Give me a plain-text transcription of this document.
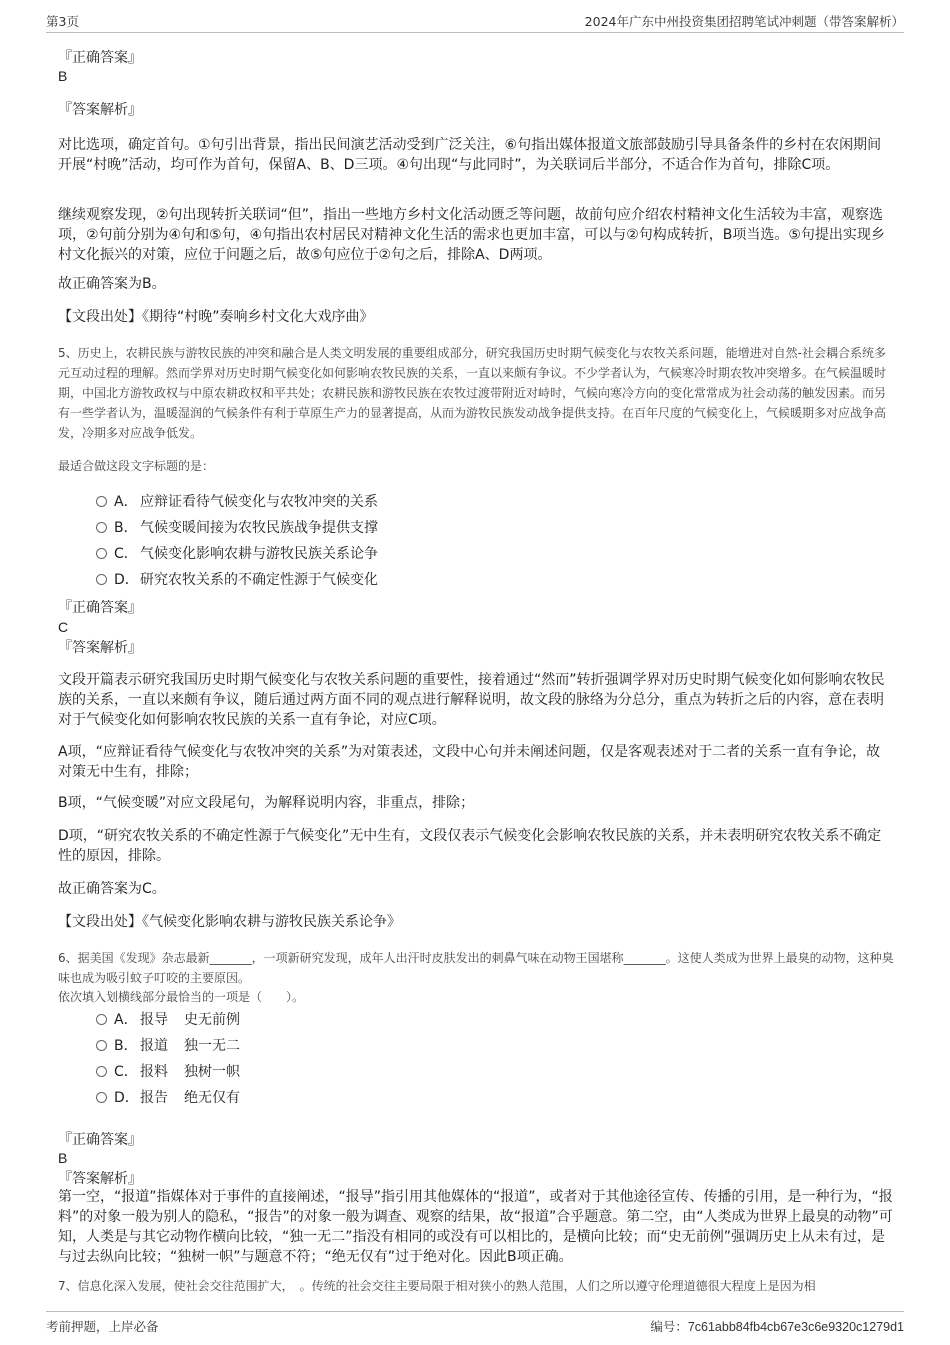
第3页	2024年广东中州投资集团招聘笔试冲刺题（带答案解析）
『正确答案』
B
『答案解析』
对比选项，确定首句。①句引出背景，指出民间演艺活动受到广泛关注，⑥句指出媒体报道文旅部鼓励引导具备条件的乡村在农闲期间开展“村晚”活动，均可作为首句，保留A、B、D三项。④句出现“与此同时”，为关联词后半部分，不适合作为首句，排除C项。
继续观察发现，②句出现转折关联词“但”，指出一些地方乡村文化活动匮乏等问题，故前句应介绍农村精神文化生活较为丰富，观察选项，②句前分别为④句和⑤句，④句指出农村居民对精神文化生活的需求也更加丰富，可以与②句构成转折，B项当选。⑤句提出实现乡村文化振兴的对策，应位于问题之后，故⑤句应位于②句之后，排除A、D两项。
故正确答案为B。
【文段出处】《期待“村晚”奏响乡村文化大戏序曲》
5、历史上，农耕民族与游牧民族的冲突和融合是人类文明发展的重要组成部分，研究我国历史时期气候变化与农牧关系问题，能增进对自然-社会耦合系统多元互动过程的理解。然而学界对历史时期气候变化如何影响农牧民族的关系，一直以来颇有争议。不少学者认为，气候寒冷时期农牧冲突增多。在气候温暖时期，中国北方游牧政权与中原农耕政权和平共处；农耕民族和游牧民族在农牧过渡带附近对峙时，气候向寒冷方向的变化常常成为社会动荡的触发因素。而另有一些学者认为，温暖湿润的气候条件有利于草原生产力的显著提高，从而为游牧民族发动战争提供支持。在百年尺度的气候变化上，气候暖期多对应战争高发，冷期多对应战争低发。
最适合做这段文字标题的是：
A． 应辩证看待气候变化与农牧冲突的关系
B． 气候变暖间接为农牧民族战争提供支撑
C． 气候变化影响农耕与游牧民族关系论争
D．研究农牧关系的不确定性源于气候变化
『正确答案』
C
『答案解析』
文段开篇表示研究我国历史时期气候变化与农牧关系问题的重要性，接着通过“然而”转折强调学界对历史时期气候变化如何影响农牧民族的关系，一直以来颇有争议，随后通过两方面不同的观点进行解释说明，故文段的脉络为分总分，重点为转折之后的内容，意在表明对于气候变化如何影响农牧民族的关系一直有争论，对应C项。
A项，“应辩证看待气候变化与农牧冲突的关系”为对策表述，文段中心句并未阐述问题，仅是客观表述对于二者的关系一直有争论，故对策无中生有，排除；
B项，“气候变暖”对应文段尾句，为解释说明内容，非重点，排除；
D项，“研究农牧关系的不确定性源于气候变化”无中生有，文段仅表示气候变化会影响农牧民族的关系，并未表明研究农牧关系不确定性的原因，排除。
故正确答案为C。
【文段出处】《气候变化影响农耕与游牧民族关系论争》
6、据美国《发现》杂志最新_______，一项新研究发现，成年人出汗时皮肤发出的刺鼻气味在动物王国堪称_______。这使人类成为世界上最臭的动物，这种臭味也成为吸引蚊子叮咬的主要原因。
依次填入划横线部分最恰当的一项是（　　）。
A． 报导 史无前例
B． 报道 独一无二
C． 报料 独树一帜
D．报告 绝无仅有
『正确答案』
B
『答案解析』
第一空，“报道”指媒体对于事件的直接阐述，“报导”指引用其他媒体的“报道”，或者对于其他途径宣传、传播的引用，是一种行为，“报料”的对象一般为别人的隐私，“报告”的对象一般为调查、观察的结果，故“报道”合乎题意。第二空，由“人类成为世界上最臭的动物”可知，人类是与其它动物作横向比较，“独一无二”指没有相同的或没有可以相比的，是横向比较；而“史无前例”强调历史上从未有过，是与过去纵向比较；“独树一帜”与题意不符；“绝无仅有”过于绝对化。因此B项正确。
7、信息化深入发展，使社会交往范围扩大，　。传统的社会交往主要局限于相对狭小的熟人范围，人们之所以遵守伦理道德很大程度上是因为相
考前押题，上岸必备	编号：7c61abb84fb4cb67e3c6e9320c1279d1
